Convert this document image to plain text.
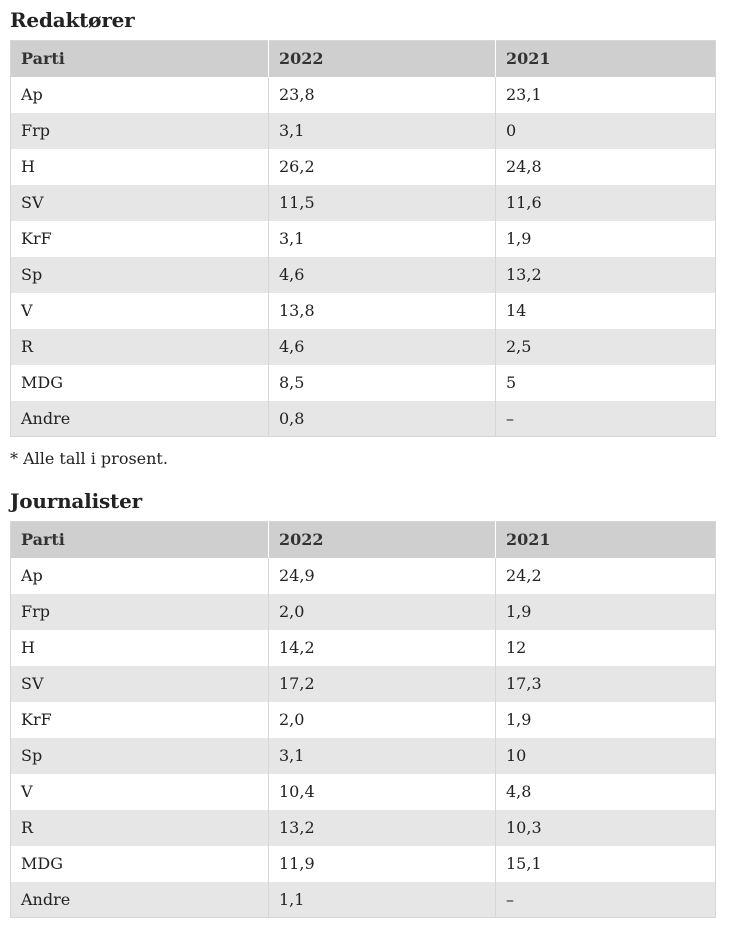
Redaktører
Parti	2022	2021
Ap	23,8	23,1
Frp	3,1	0
H	26,2	24,8
SV	11,5	11,6
KrF	3,1	1,9
Sp	4,6	13,2
V	13,8	14
R	4,6	2,5
MDG	8,5	5
Andre	0,8	–

* Alle tall i prosent.

Journalister
Parti	2022	2021
Ap	24,9	24,2
Frp	2,0	1,9
H	14,2	12
SV	17,2	17,3
KrF	2,0	1,9
Sp	3,1	10
V	10,4	4,8
R	13,2	10,3
MDG	11,9	15,1
Andre	1,1	–
